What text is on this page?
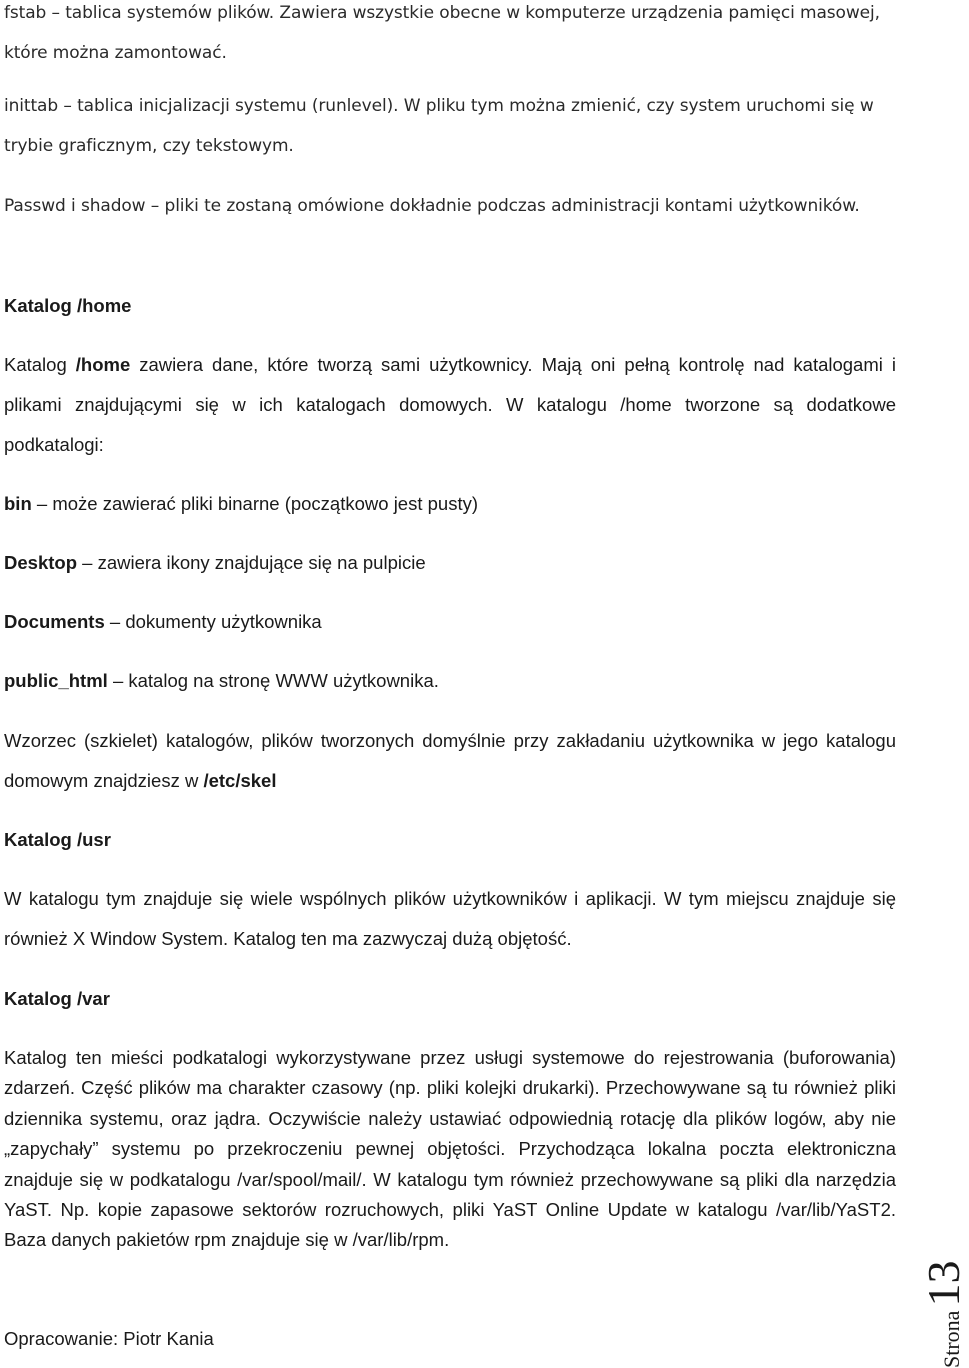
fstab – tablica systemów plików. Zawiera wszystkie obecne w komputerze urządzenia pamięci masowej, które można zamontować.

inittab – tablica inicjalizacji systemu (runlevel). W pliku tym można zmienić, czy system uruchomi się w trybie graficznym, czy tekstowym.

Passwd i shadow – pliki te zostaną omówione dokładnie podczas administracji kontami użytkowników.

Katalog /home

Katalog /home zawiera dane, które tworzą sami użytkownicy. Mają oni pełną kontrolę nad katalogami i plikami znajdującymi się w ich katalogach domowych. W katalogu /home tworzone są dodatkowe podkatalogi:

bin – może zawierać pliki binarne (początkowo jest pusty)

Desktop – zawiera ikony znajdujące się na pulpicie

Documents – dokumenty użytkownika

public_html – katalog na stronę WWW użytkownika.

Wzorzec (szkielet) katalogów, plików tworzonych domyślnie przy zakładaniu użytkownika w jego katalogu domowym znajdziesz w /etc/skel

Katalog /usr

W katalogu tym znajduje się wiele wspólnych plików użytkowników i aplikacji. W tym miejscu znajduje się również X Window System. Katalog ten ma zazwyczaj dużą objętość.

Katalog /var

Katalog ten mieści podkatalogi wykorzystywane przez usługi systemowe do rejestrowania (buforowania) zdarzeń. Część plików ma charakter czasowy (np. pliki kolejki drukarki). Przechowywane są tu również pliki dziennika systemu, oraz jądra. Oczywiście należy ustawiać odpowiednią rotację dla plików logów, aby nie „zapychały” systemu po przekroczeniu pewnej objętości. Przychodząca lokalna poczta elektroniczna znajduje się w podkatalogu /var/spool/mail/. W katalogu tym również przechowywane są pliki dla narzędzia YaST. Np. kopie zapasowe sektorów rozruchowych, pliki YaST Online Update w katalogu /var/lib/YaST2. Baza danych pakietów rpm znajduje się w /var/lib/rpm.

Opracowanie: Piotr Kania	Strona
13
